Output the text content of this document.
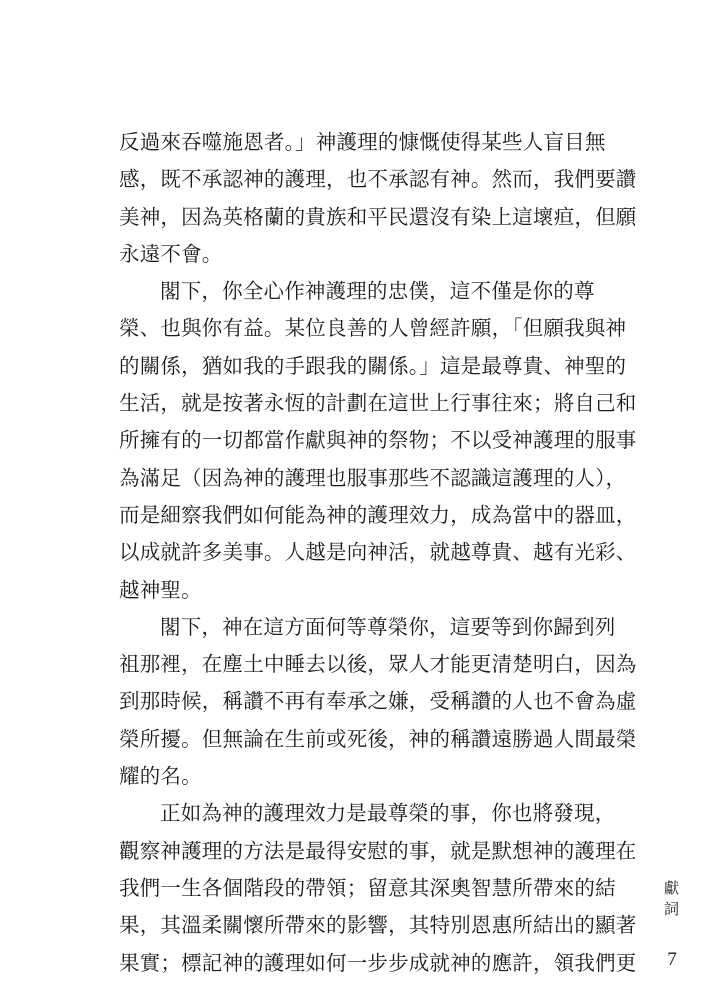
反過來吞噬施恩者。」神護理的慷慨使得某些人盲目無
感，既不承認神的護理，也不承認有神。然而，我們要讚
美神，因為英格蘭的貴族和平民還沒有染上這壞疸，但願
永遠不會。
閣下，你全心作神護理的忠僕，這不僅是你的尊
榮、也與你有益。某位良善的人曾經許願，「但願我與神
的關係，猶如我的手跟我的關係。」這是最尊貴、神聖的
生活，就是按著永恆的計劃在這世上行事往來；將自己和
所擁有的一切都當作獻與神的祭物；不以受神護理的服事
為滿足（因為神的護理也服事那些不認識這護理的人），
而是細察我們如何能為神的護理效力，成為當中的器皿，
以成就許多美事。人越是向神活，就越尊貴、越有光彩、
越神聖。
閣下，神在這方面何等尊榮你，這要等到你歸到列
祖那裡，在塵土中睡去以後，眾人才能更清楚明白，因為
到那時候，稱讚不再有奉承之嫌，受稱讚的人也不會為虛
榮所擾。但無論在生前或死後，神的稱讚遠勝過人間最榮
耀的名。
正如為神的護理效力是最尊榮的事，你也將發現，
觀察神護理的方法是最得安慰的事，就是默想神的護理在
我們一生各個階段的帶領；留意其深奧智慧所帶來的結
果，其溫柔關懷所帶來的影響，其特別恩惠所結出的顯著
果實；標記神的護理如何一步步成就神的應許，領我們更
獻詞
7
